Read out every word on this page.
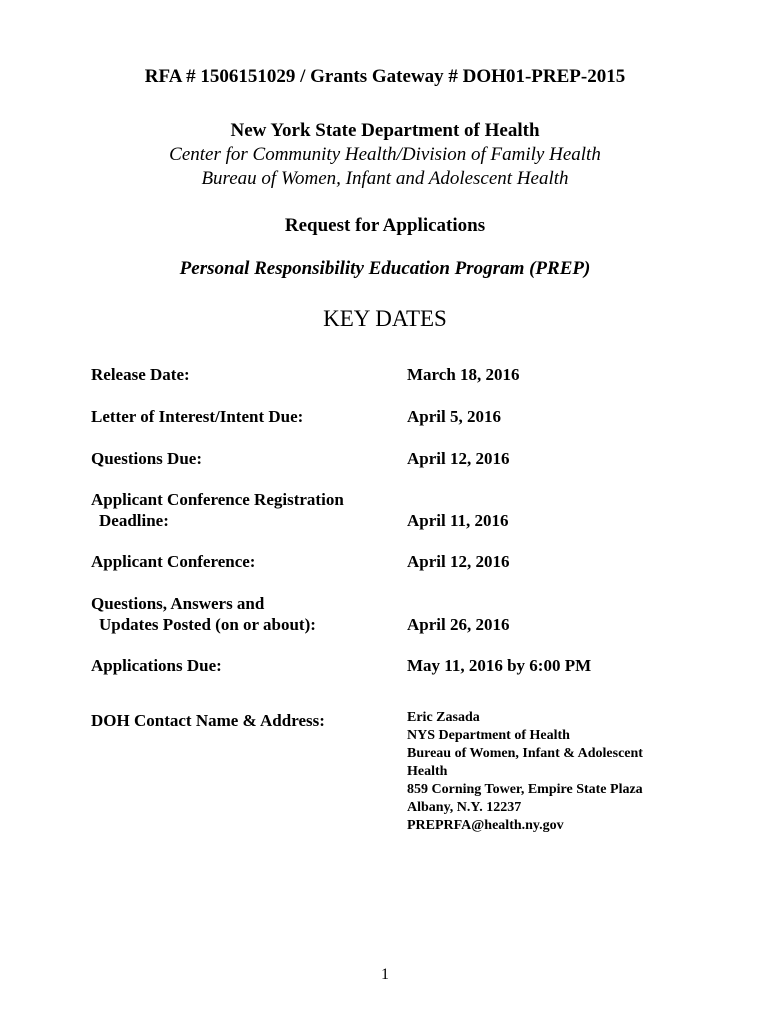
RFA # 1506151029 / Grants Gateway # DOH01-PREP-2015
New York State Department of Health
Center for Community Health/Division of Family Health
Bureau of Women, Infant and Adolescent Health
Request for Applications
Personal Responsibility Education Program (PREP)
KEY DATES
Release Date:	March 18, 2016
Letter of Interest/Intent Due:	April 5, 2016
Questions Due:	April 12, 2016
Applicant Conference Registration
Deadline:	April 11, 2016
Applicant Conference:	April 12, 2016
Questions, Answers and
Updates Posted (on or about):	April 26, 2016
Applications Due:	May 11, 2016 by 6:00 PM
DOH Contact Name & Address:	Eric Zasada
NYS Department of Health
Bureau of Women, Infant & Adolescent
Health
859 Corning Tower, Empire State Plaza
Albany, N.Y. 12237
PREPRFA@health.ny.gov
1
